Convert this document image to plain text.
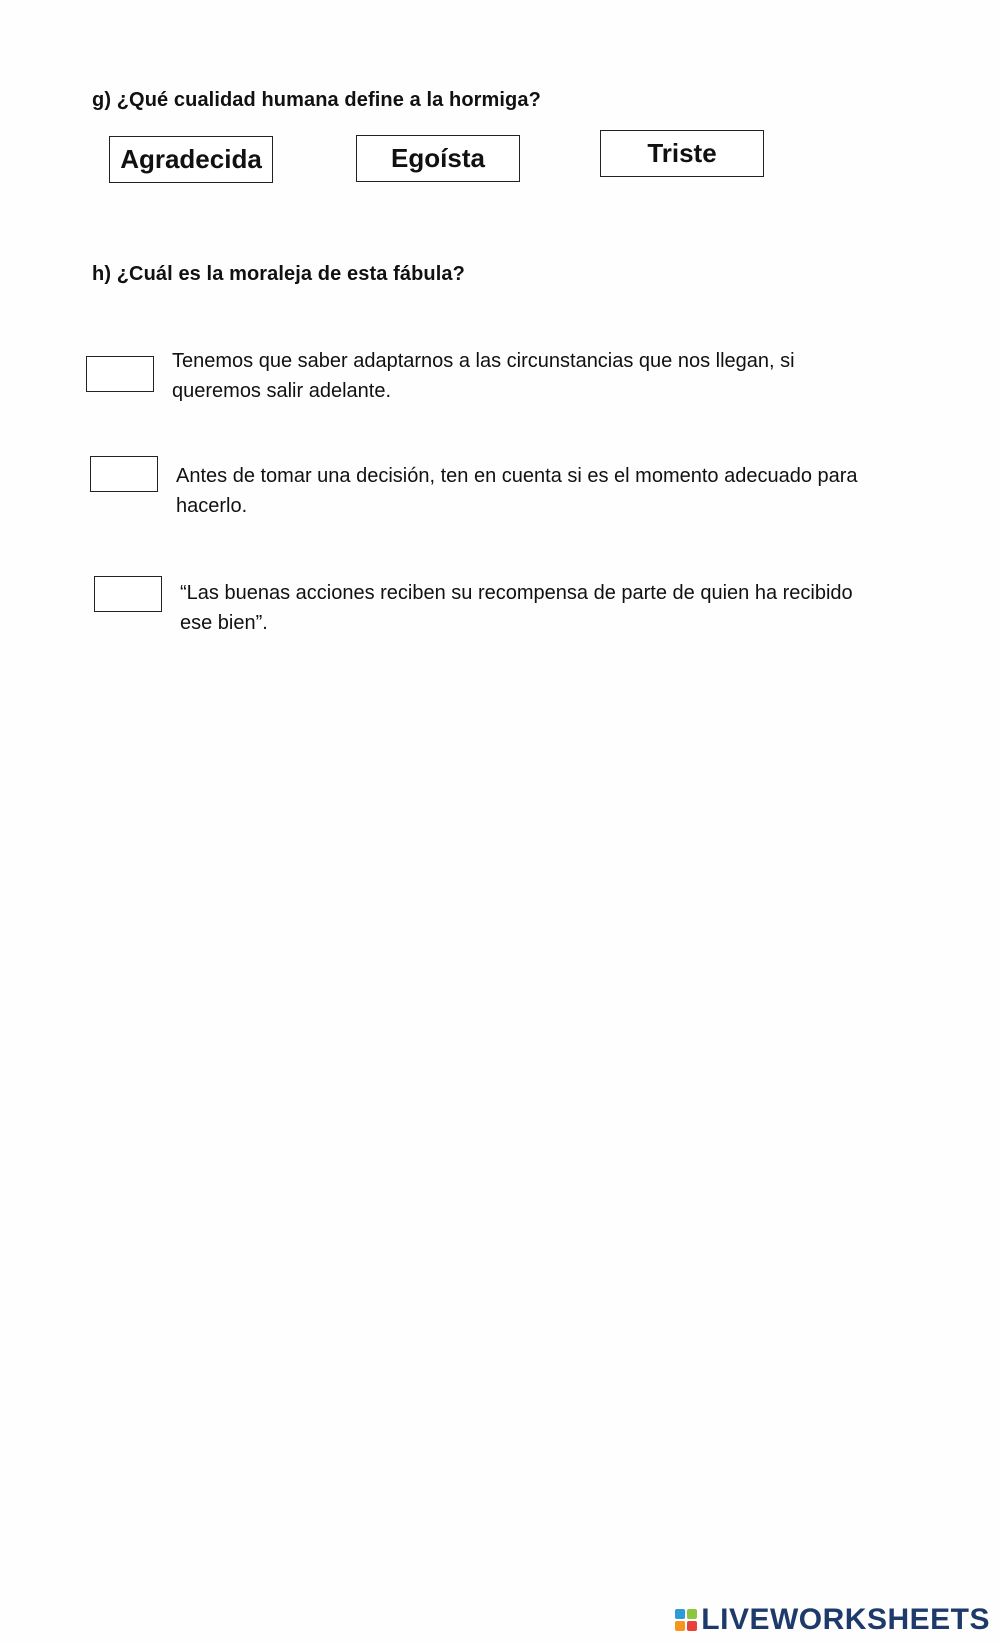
g) ¿Qué cualidad humana define a la hormiga?
Agradecida	Egoísta	Triste
h) ¿Cuál es la moraleja de esta fábula?
Tenemos que saber adaptarnos a las circunstancias que nos llegan, si
queremos salir adelante.
Antes de tomar una decisión, ten en cuenta si es el momento adecuado para
hacerlo.
“Las buenas acciones reciben su recompensa de parte de quien ha recibido
ese bien”.
LIVEWORKSHEETS
